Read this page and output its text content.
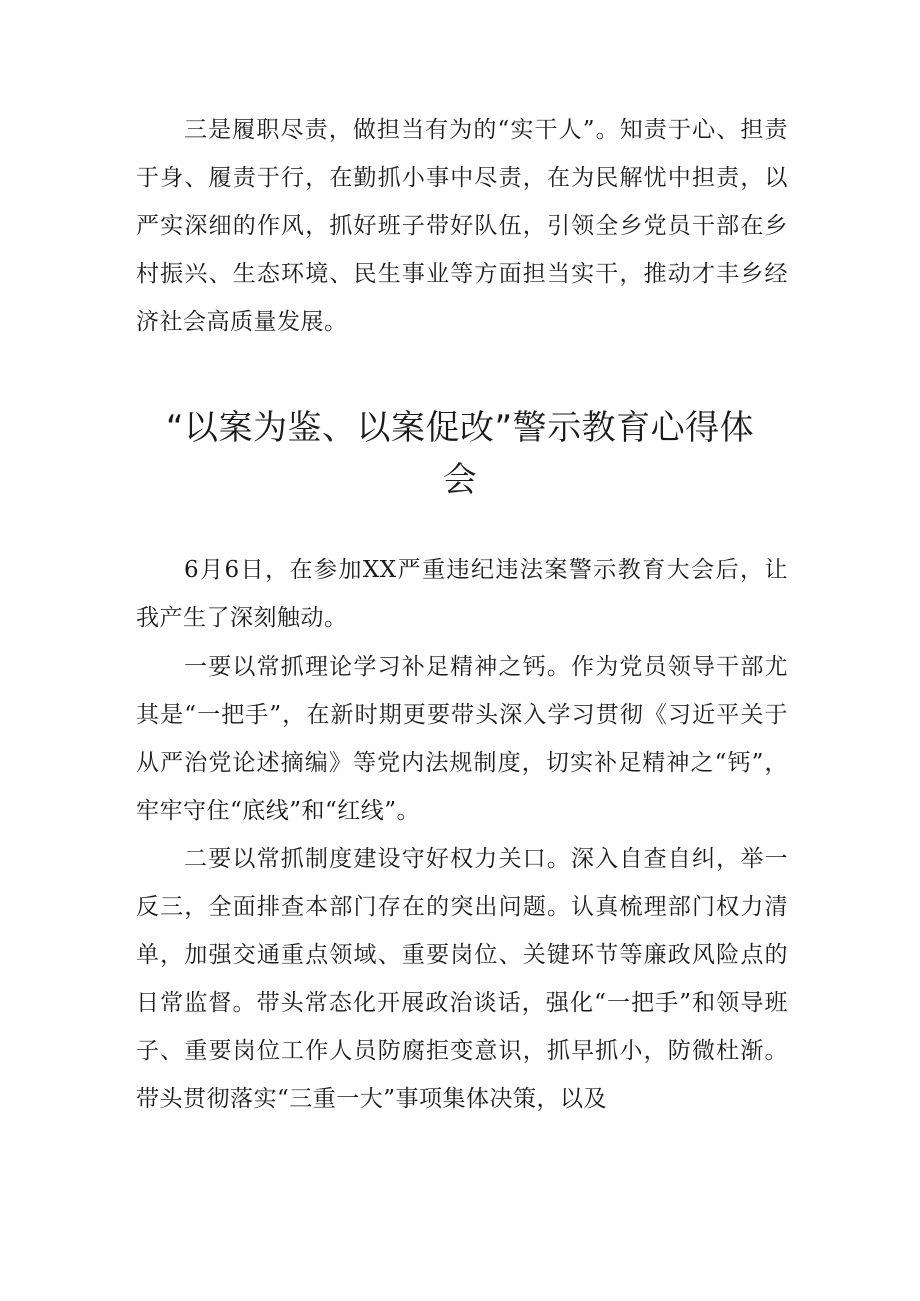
三是履职尽责，做担当有为的“实干人”。知责于心、担责于身、履责于行，在勤抓小事中尽责，在为民解忧中担责，以严实深细的作风，抓好班子带好队伍，引领全乡党员干部在乡村振兴、生态环境、民生事业等方面担当实干，推动才丰乡经济社会高质量发展。

“以案为鉴、以案促改”警示教育心得体会

6月6日，在参加XX严重违纪违法案警示教育大会后，让我产生了深刻触动。

一要以常抓理论学习补足精神之钙。作为党员领导干部尤其是“一把手”，在新时期更要带头深入学习贯彻《习近平关于从严治党论述摘编》等党内法规制度，切实补足精神之“钙”，牢牢守住“底线”和“红线”。

二要以常抓制度建设守好权力关口。深入自查自纠，举一反三，全面排查本部门存在的突出问题。认真梳理部门权力清单，加强交通重点领域、重要岗位、关键环节等廉政风险点的日常监督。带头常态化开展政治谈话，强化“一把手”和领导班子、重要岗位工作人员防腐拒变意识，抓早抓小，防微杜渐。带头贯彻落实“三重一大”事项集体决策，以及
